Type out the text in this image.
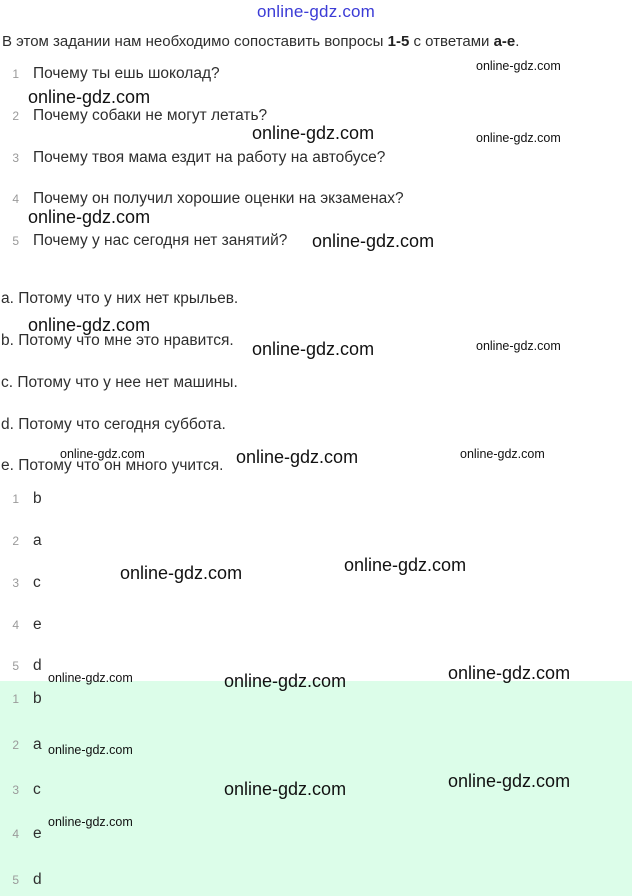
online-gdz.com
В этом задании нам необходимо сопоставить вопросы 1-5 с ответами a-e.
1 Почему ты ешь шоколад?
2 Почему собаки не могут летать?
3 Почему твоя мама ездит на работу на автобусе?
4 Почему он получил хорошие оценки на экзаменах?
5 Почему у нас сегодня нет занятий?
a. Потому что у них нет крыльев.
b. Потому что мне это нравится.
c. Потому что у нее нет машины.
d. Потому что сегодня суббота.
e. Потому что он много учится.
1 b
2 a
3 c
4 e
5 d
1 b
2 a
3 c
4 e
5 d
online-gdz.com
online-gdz.com
online-gdz.com	online-gdz.com
online-gdz.com
online-gdz.com
online-gdz.com
online-gdz.com	online-gdz.com
online-gdz.com	online-gdz.com	online-gdz.com
online-gdz.com	online-gdz.com
online-gdz.com	online-gdz.com	online-gdz.com
online-gdz.com
online-gdz.com	online-gdz.com
online-gdz.com
